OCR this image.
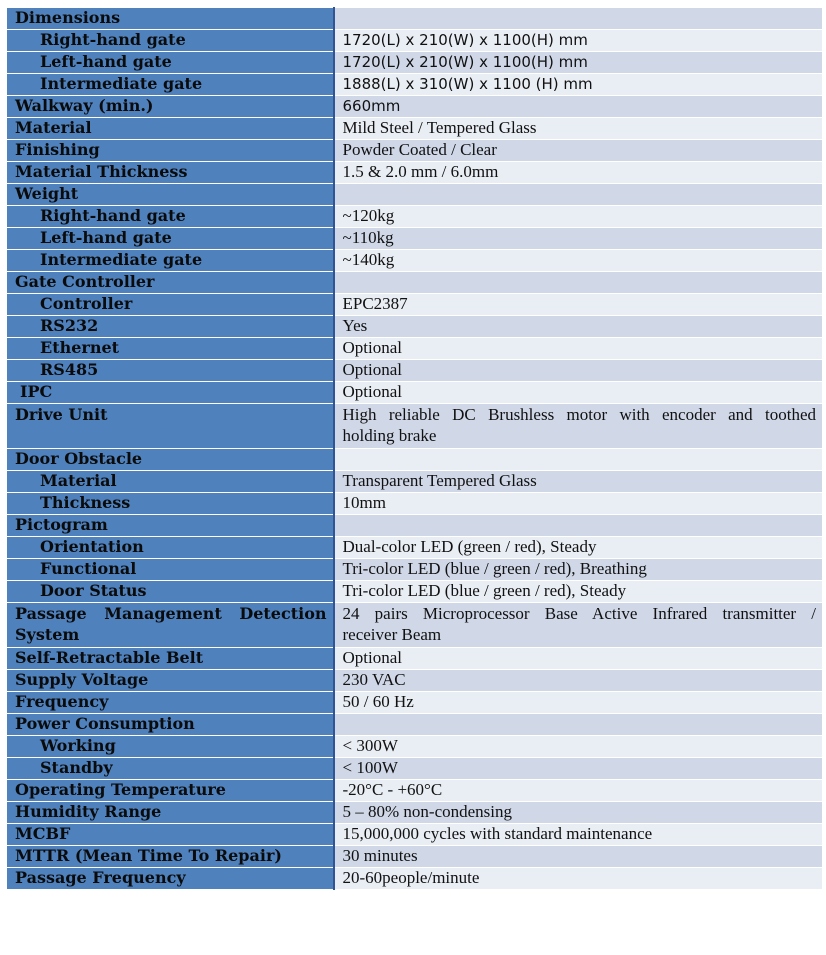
Dimensions	
Right-hand gate	1720(L) x 210(W) x 1100(H) mm
Left-hand gate	1720(L) x 210(W) x 1100(H) mm
Intermediate gate	1888(L) x 310(W) x 1100 (H) mm
Walkway (min.)	660mm
Material	Mild Steel / Tempered Glass
Finishing	Powder Coated / Clear
Material Thickness	1.5 & 2.0 mm / 6.0mm
Weight	
Right-hand gate	~120kg
Left-hand gate	~110kg
Intermediate gate	~140kg
Gate Controller	
Controller	EPC2387
RS232	Yes
Ethernet	Optional
RS485	Optional
IPC	Optional
Drive Unit	High reliable DC Brushless motor with encoder and toothed
holding brake

Door Obstacle	
Material	Transparent Tempered Glass
Thickness	10mm
Pictogram	
Orientation	Dual-color LED (green / red), Steady
Functional	Tri-color LED (blue / green / red), Breathing
Door Status	Tri-color LED (blue / green / red), Steady

Passage Management Detection
System	24 pairs Microprocessor Base Active Infrared transmitter /
receiver Beam

Self-Retractable Belt	Optional
Supply Voltage	230 VAC
Frequency	50 / 60 Hz
Power Consumption	
Working	< 300W
Standby	< 100W
Operating Temperature	-20°C - +60°C
Humidity Range	5 – 80% non-condensing
MCBF	15,000,000 cycles with standard maintenance
MTTR (Mean Time To Repair)	30 minutes
Passage Frequency	20-60people/minute
